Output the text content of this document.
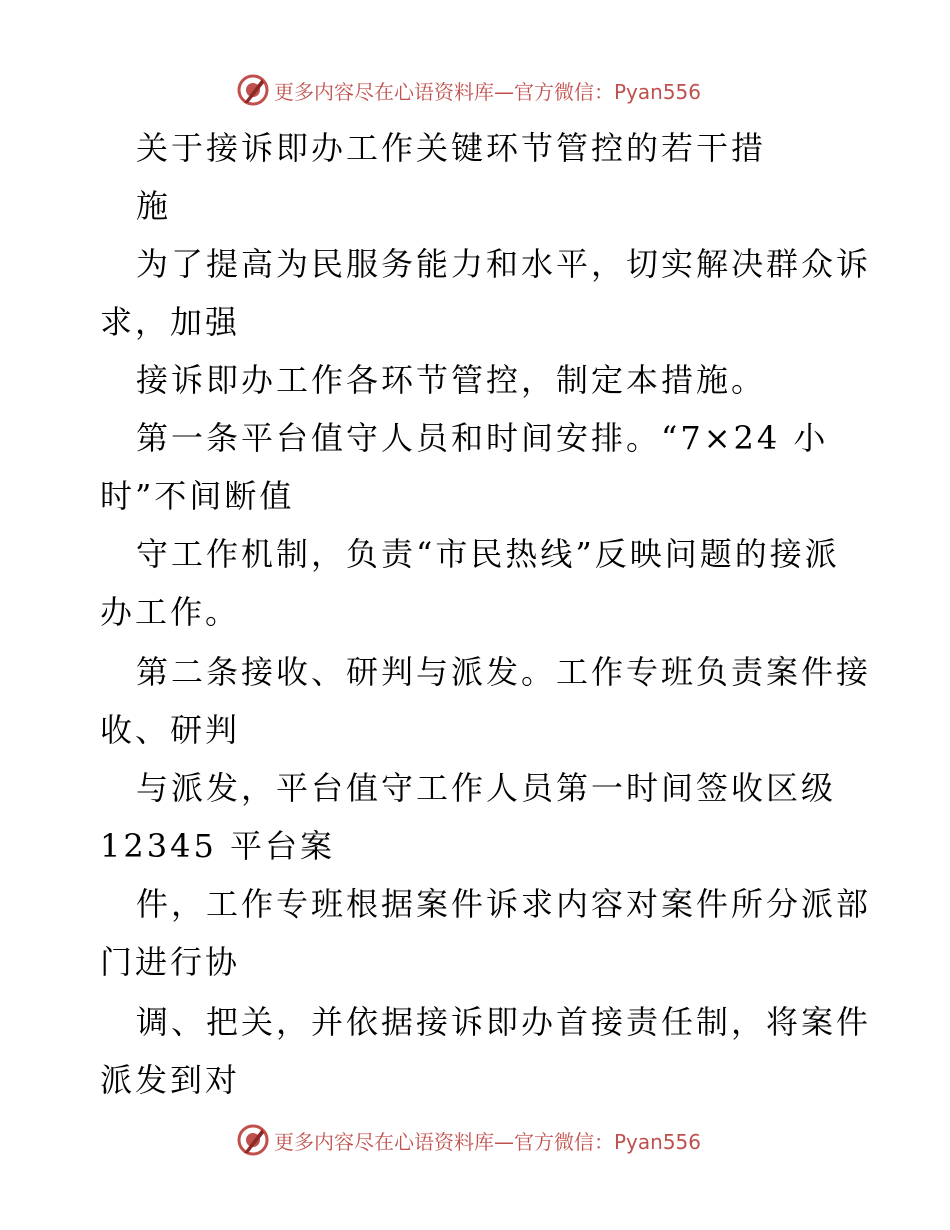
更多内容尽在心语资料库—官方微信：Pyan556
关于接诉即办工作关键环节管控的若干措
施
为了提高为民服务能力和水平，切实解决群众诉
求，加强
接诉即办工作各环节管控，制定本措施。
第一条平台值守人员和时间安排。“7×24 小
时”不间断值
守工作机制，负责“市民热线”反映问题的接派
办工作。
第二条接收、研判与派发。工作专班负责案件接
收、研判
与派发，平台值守工作人员第一时间签收区级
12345 平台案
件，工作专班根据案件诉求内容对案件所分派部
门进行协
调、把关，并依据接诉即办首接责任制，将案件
派发到对
更多内容尽在心语资料库—官方微信：Pyan556
